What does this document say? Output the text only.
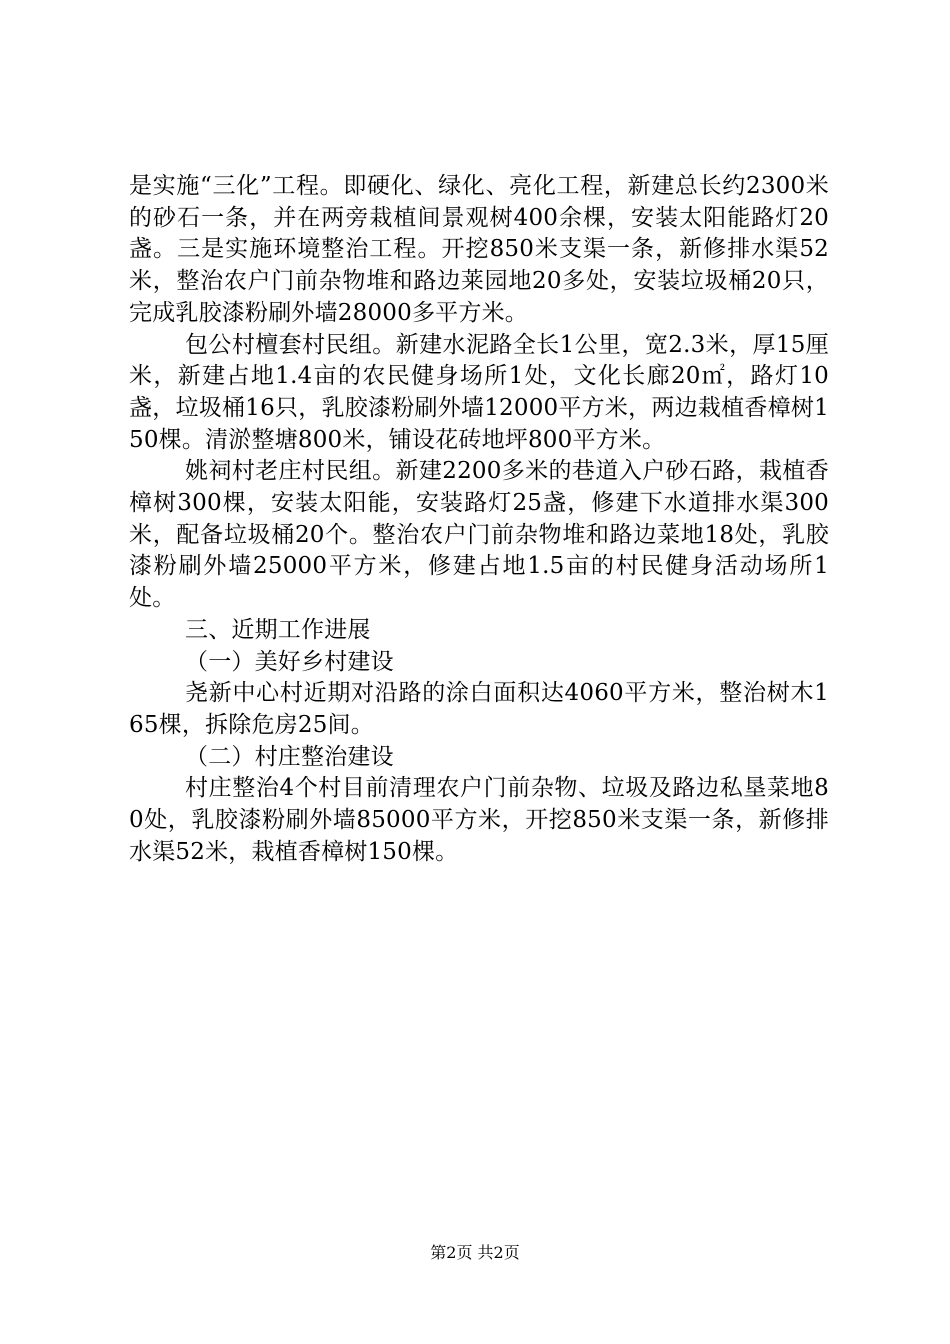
是实施“三化”工程。即硬化、绿化、亮化工程，新建总长约2300米的砂石一条，并在两旁栽植间景观树400余棵，安装太阳能路灯20盏。三是实施环境整治工程。开挖850米支渠一条，新修排水渠52米，整治农户门前杂物堆和路边莱园地20多处，安装垃圾桶20只，完成乳胶漆粉刷外墙28000多平方米。

包公村檀套村民组。新建水泥路全长1公里，宽2.3米，厚15厘米，新建占地1.4亩的农民健身场所1处，文化长廊20㎡，路灯10盏，垃圾桶16只，乳胶漆粉刷外墙12000平方米，两边栽植香樟树150棵。清淤整塘800米，铺设花砖地坪800平方米。

姚祠村老庄村民组。新建2200多米的巷道入户砂石路，栽植香樟树300棵，安装太阳能，安装路灯25盏，修建下水道排水渠300米，配备垃圾桶20个。整治农户门前杂物堆和路边菜地18处，乳胶漆粉刷外墙25000平方米，修建占地1.5亩的村民健身活动场所1处。

三、近期工作进展

（一）美好乡村建设

尧新中心村近期对沿路的涂白面积达4060平方米，整治树木165棵，拆除危房25间。

（二）村庄整治建设

村庄整治4个村目前清理农户门前杂物、垃圾及路边私垦菜地80处，乳胶漆粉刷外墙85000平方米，开挖850米支渠一条，新修排水渠52米，栽植香樟树150棵。

第2页 共2页
